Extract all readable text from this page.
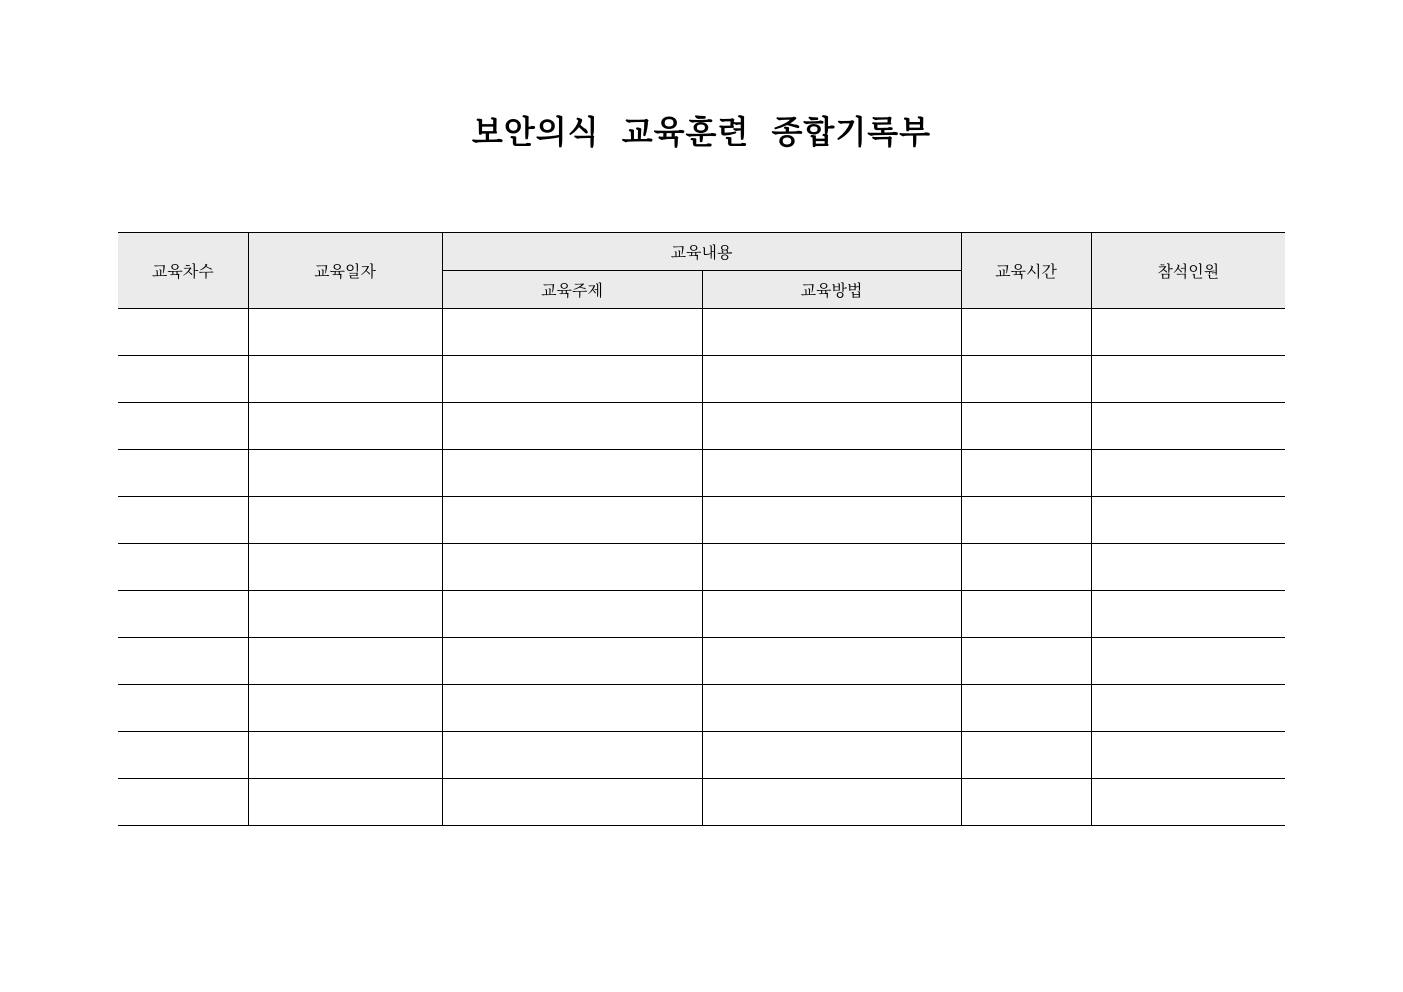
보안의식 교육훈련 종합기록부
교육차수	교육일자	교육내용		교육시간	참석인원
		교육주제	교육방법		
